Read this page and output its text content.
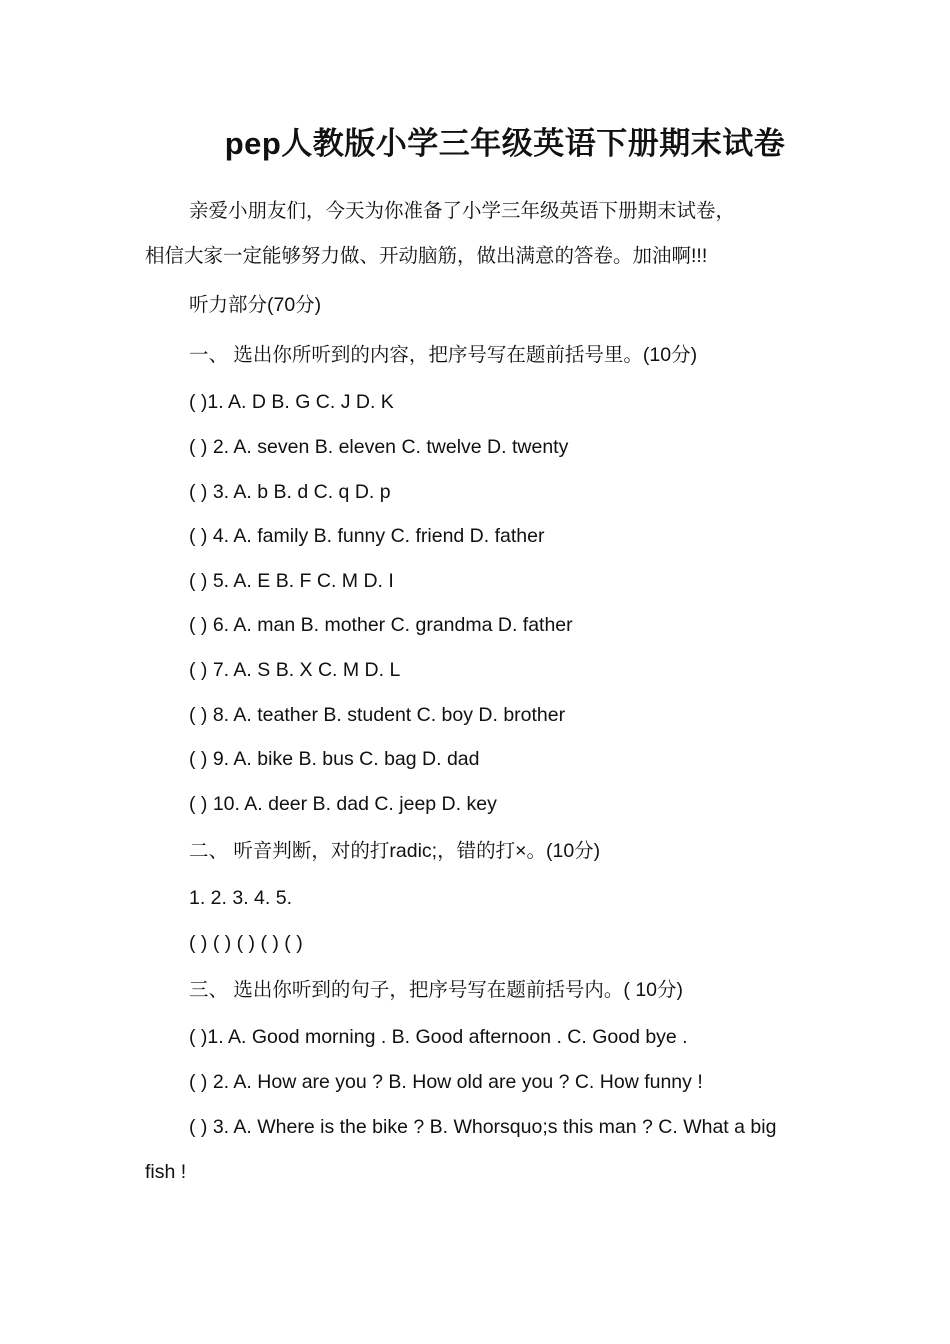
pep人教版小学三年级英语下册期末试卷

亲爱小朋友们，今天为你准备了小学三年级英语下册期末试卷，

相信大家一定能够努力做、开动脑筋，做出满意的答卷。加油啊!!!

听力部分(70分)

一、 选出你所听到的内容，把序号写在题前括号里。(10分)

( )1. A. D B. G C. J D. K

( ) 2. A. seven B. eleven C. twelve D. twenty

( ) 3. A. b B. d C. q D. p

( ) 4. A. family B. funny C. friend D. father

( ) 5. A. E B. F C. M D. I

( ) 6. A. man B. mother C. grandma D. father

( ) 7. A. S B. X C. M D. L

( ) 8. A. teather B. student C. boy D. brother

( ) 9. A. bike B. bus C. bag D. dad

( ) 10. A. deer B. dad C. jeep D. key

二、 听音判断，对的打radic;，错的打×。(10分)

1. 2. 3. 4. 5.

( ) ( ) ( ) ( ) ( )

三、 选出你听到的句子，把序号写在题前括号内。( 10分)

( )1. A. Good morning . B. Good afternoon . C. Good bye .

( ) 2. A. How are you ? B. How old are you ? C. How funny !

( ) 3. A. Where is the bike ? B. Whorsquo;s this man ? C. What a big

fish !
